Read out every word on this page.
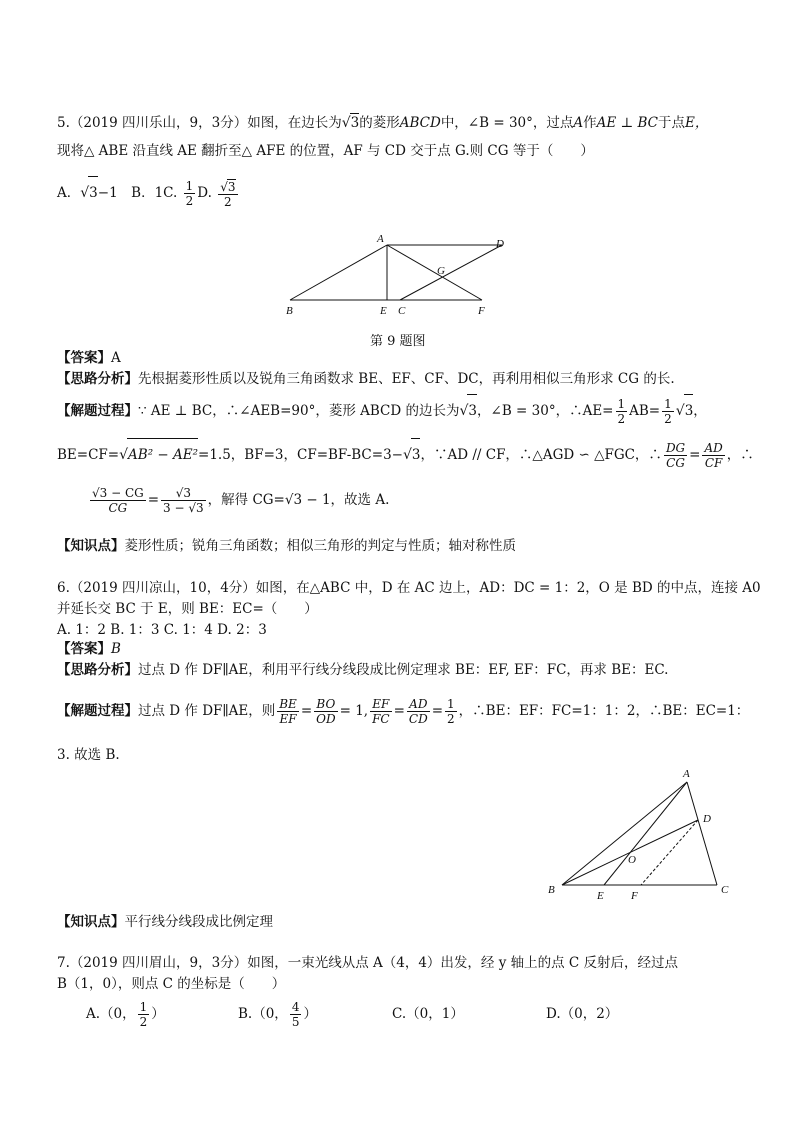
5.（2019 四川乐山，9，3分）如图，在边长为√3的菱形ABCD中，∠B = 30°，过点A作AE ⊥ BC于点E，
现将△ ABE 沿直线 AE 翻折至△ AFE 的位置，AF 与 CD 交于点 G.则 CG 等于（　　）
A．√3−1　B．1C. $\frac{1}{2} D$. $\frac{√3}{2}$
A	D
G
B	E C	F
第 9 题图
【答案】A
【思路分析】先根据菱形性质以及锐角三角函数求 BE、EF、CF、DC，再利用相似三角形求 CG 的长.
【解题过程】∵ AE ⊥ BC，∴∠AEB=90°，菱形 ABCD 的边长为√3，∠B = 30°，∴AE= $\frac{1}{2} AB= \frac{1}{2} √3$，
BE=CF=√AB² − AE²=1.5，BF=3，CF=BF-BC=3−√3，∵AD // CF，∴△AGD ∽ △FGC，∴ $\frac{DG}{CG} = \frac{AD}{CF}$ ，∴
$\frac{√3 - CG}{CG} = \frac{√3}{3 - √3}$ ，解得 CG=√3 − 1，故选 A.
【知识点】菱形性质；锐角三角函数；相似三角形的判定与性质；轴对称性质
6.（2019 四川凉山，10，4分）如图，在△ABC 中，D 在 AC 边上，AD：DC = 1：2，O 是 BD 的中点，连接 A0
并延长交 BC 于 E，则 BE：EC=（　　）
A. 1：2 B. 1：3 C. 1：4 D. 2：3
【答案】B
【思路分析】过点 D 作 DF∥AE，利用平行线分线段成比例定理求 BE：EF, EF：FC，再求 BE：EC.
【解题过程】过点 D 作 DF∥AE，则 $\frac{BE}{EF} = \frac{BO}{OD} = 1$, $\frac{EF}{FC} = \frac{AD}{CD} = \frac{1}{2}$ ，∴BE：EF：FC=1：1：2，∴BE：EC=1：
3. 故选 B.
A
D
O
B	E F	C
【知识点】平行线分线段成比例定理
7.（2019 四川眉山，9，3分）如图，一束光线从点 A（4，4）出发，经 y 轴上的点 C 反射后，经过点
B（1，0），则点 C 的坐标是（　　）
A.（0， $\frac{1}{2}$ ）	B.（0， $\frac{4}{5}$ ）	C.（0，1）	D.（0，2）
